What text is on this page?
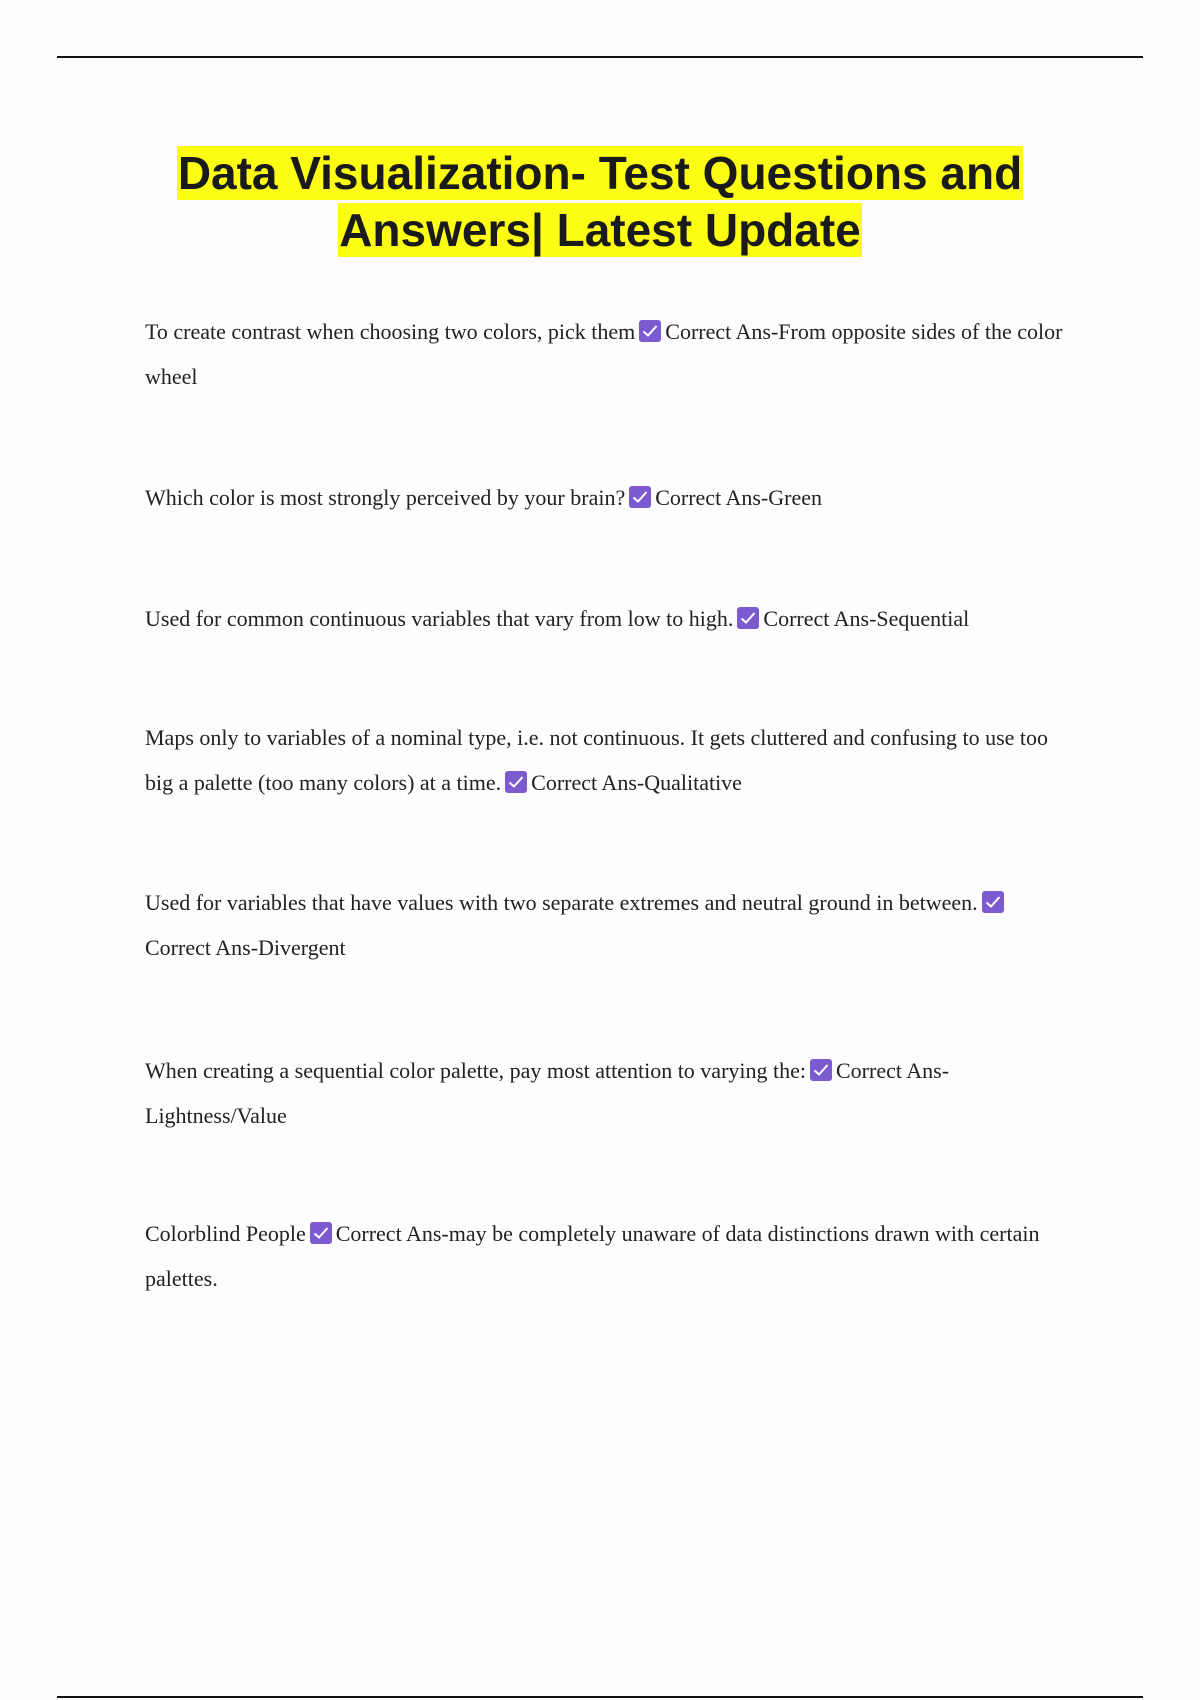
Data Visualization- Test Questions and
Answers| Latest Update

To create contrast when choosing two colors, pick them Correct Ans-From opposite sides of the color wheel

Which color is most strongly perceived by your brain? Correct Ans-Green

Used for common continuous variables that vary from low to high. Correct Ans-Sequential

Maps only to variables of a nominal type, i.e. not continuous. It gets cluttered and confusing to use too big a palette (too many colors) at a time. Correct Ans-Qualitative

Used for variables that have values with two separate extremes and neutral ground in between.
Correct Ans-Divergent

When creating a sequential color palette, pay most attention to varying the: Correct Ans-Lightness/Value

Colorblind People Correct Ans-may be completely unaware of data distinctions drawn with certain palettes.
